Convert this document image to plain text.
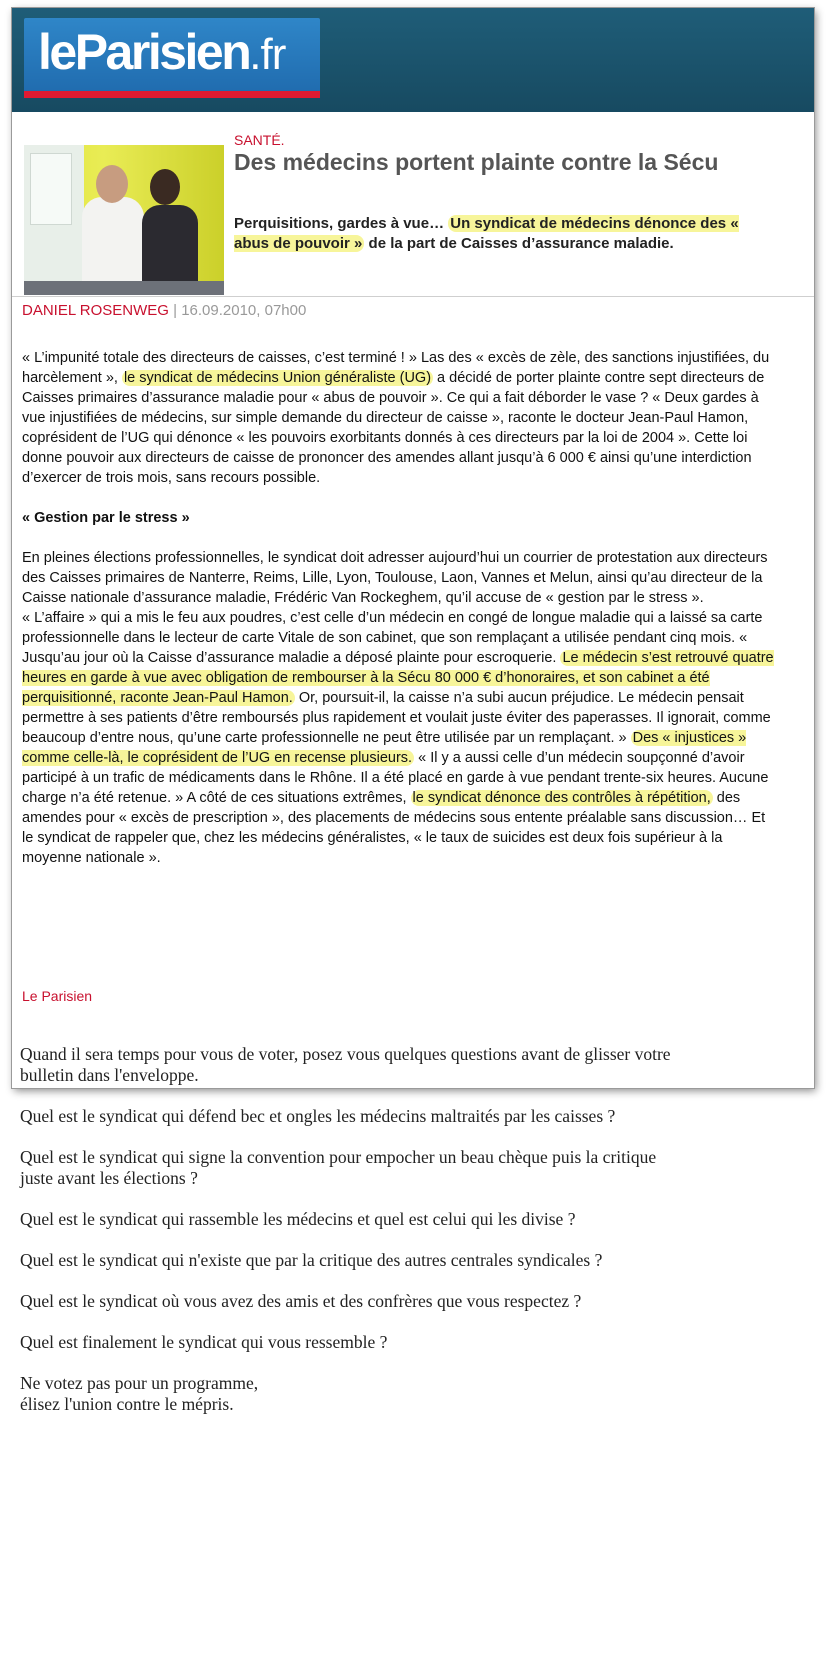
leParisien.fr
SANTÉ.
Des médecins portent plainte contre la Sécu
Perquisitions, gardes à vue… Un syndicat de médecins dénonce des « abus de pouvoir » de la part de Caisses d’assurance maladie.
DANIEL ROSENWEG | 16.09.2010, 07h00

« L’impunité totale des directeurs de caisses, c’est terminé ! » Las des « excès de zèle, des sanctions injustifiées, du harcèlement », le syndicat de médecins Union généraliste (UG) a décidé de porter plainte contre sept directeurs de Caisses primaires d’assurance maladie pour « abus de pouvoir ». Ce qui a fait déborder le vase ? « Deux gardes à vue injustifiées de médecins, sur simple demande du directeur de caisse », raconte le docteur Jean-Paul Hamon, coprésident de l’UG qui dénonce « les pouvoirs exorbitants donnés à ces directeurs par la loi de 2004 ». Cette loi donne pouvoir aux directeurs de caisse de prononcer des amendes allant jusqu’à 6 000 € ainsi qu’une interdiction d’exercer de trois mois, sans recours possible.

« Gestion par le stress »

En pleines élections professionnelles, le syndicat doit adresser aujourd’hui un courrier de protestation aux directeurs des Caisses primaires de Nanterre, Reims, Lille, Lyon, Toulouse, Laon, Vannes et Melun, ainsi qu’au directeur de la Caisse nationale d’assurance maladie, Frédéric Van Rockeghem, qu’il accuse de « gestion par le stress ».

« L’affaire » qui a mis le feu aux poudres, c’est celle d’un médecin en congé de longue maladie qui a laissé sa carte professionnelle dans le lecteur de carte Vitale de son cabinet, que son remplaçant a utilisée pendant cinq mois. « Jusqu’au jour où la Caisse d’assurance maladie a déposé plainte pour escroquerie. Le médecin s’est retrouvé quatre heures en garde à vue avec obligation de rembourser à la Sécu 80 000 € d’honoraires, et son cabinet a été perquisitionné, raconte Jean-Paul Hamon. Or, poursuit-il, la caisse n’a subi aucun préjudice. Le médecin pensait permettre à ses patients d’être remboursés plus rapidement et voulait juste éviter des paperasses. Il ignorait, comme beaucoup d’entre nous, qu’une carte professionnelle ne peut être utilisée par un remplaçant. » Des « injustices » comme celle-là, le coprésident de l’UG en recense plusieurs. « Il y a aussi celle d’un médecin soupçonné d’avoir participé à un trafic de médicaments dans le Rhône. Il a été placé en garde à vue pendant trente-six heures. Aucune charge n’a été retenue. » A côté de ces situations extrêmes, le syndicat dénonce des contrôles à répétition, des amendes pour « excès de prescription », des placements de médecins sous entente préalable sans discussion… Et le syndicat de rappeler que, chez les médecins généralistes, « le taux de suicides est deux fois supérieur à la moyenne nationale ».

Le Parisien

Quand il sera temps pour vous de voter, posez vous quelques questions avant de glisser votre bulletin dans l'enveloppe.

Quel est le syndicat qui défend bec et ongles les médecins maltraités par les caisses ?

Quel est le syndicat qui signe la convention pour empocher un beau chèque puis la critique juste avant les élections ?

Quel est le syndicat qui rassemble les médecins et quel est celui qui les divise ?

Quel est le syndicat qui n'existe que par la critique des autres centrales syndicales ?

Quel est le syndicat où vous avez des amis et des confrères que vous respectez ?

Quel est finalement le syndicat qui vous ressemble ?

Ne votez pas pour un programme,
élisez l'union contre le mépris.
